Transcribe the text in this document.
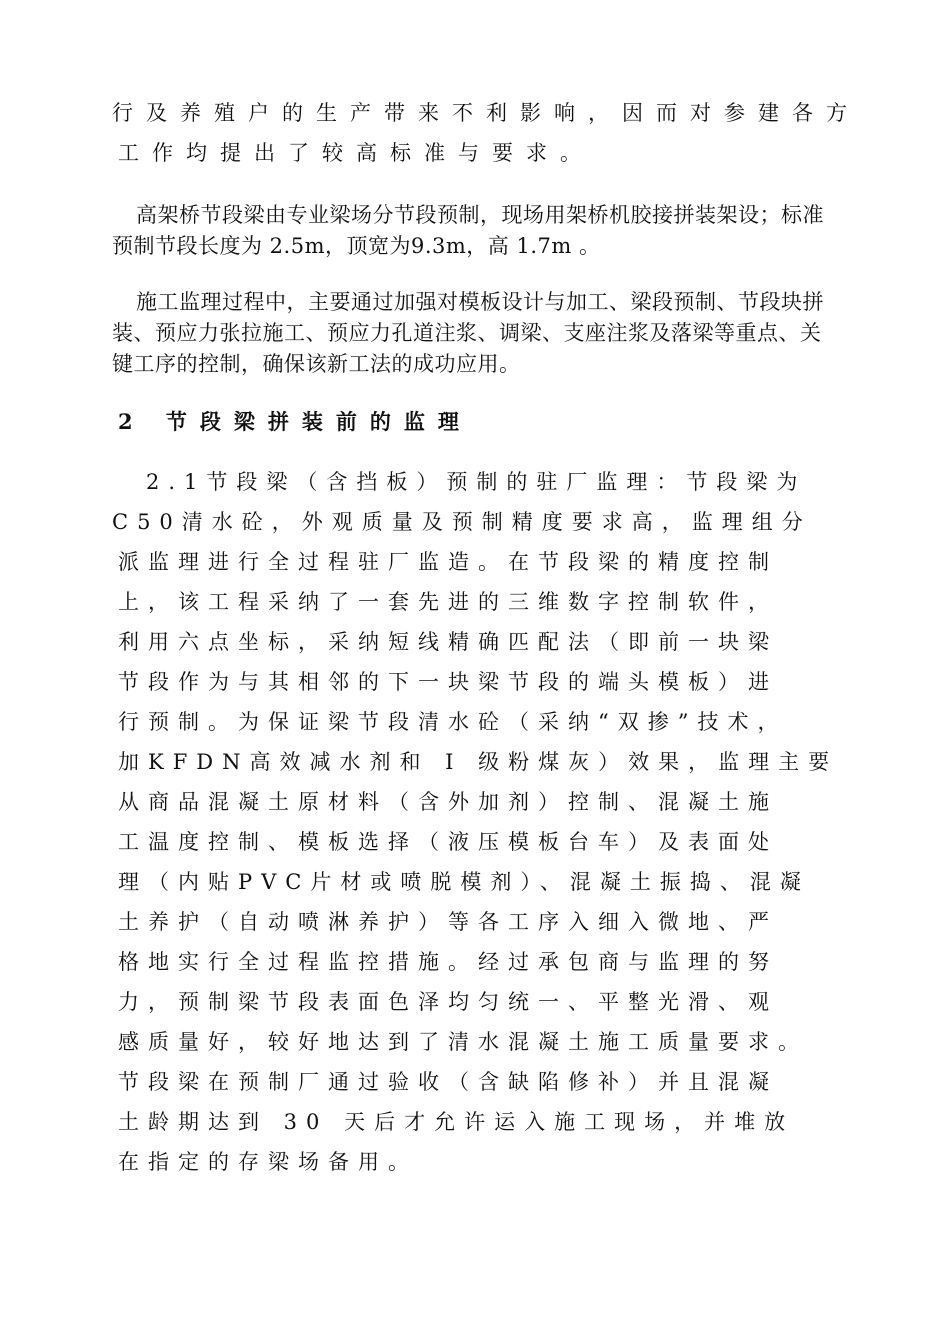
行及养殖户的生产带来不利影响，因而对参建各方
工作均提出了较高标准与要求。
高架桥节段梁由专业梁场分节段预制，现场用架桥机胶接拼装架设；标准
预制节段长度为 2.5m，顶宽为9.3m，高 1.7m 。
施工监理过程中，主要通过加强对模板设计与加工、梁段预制、节段块拼
装、预应力张拉施工、预应力孔道注浆、调梁、支座注浆及落梁等重点、关
键工序的控制，确保该新工法的成功应用。
2 节段梁拼装前的监理
2.1节段梁（含挡板）预制的驻厂监理：节段梁为
C50清水砼，外观质量及预制精度要求高，监理组分
派监理进行全过程驻厂监造。在节段梁的精度控制
上，该工程采纳了一套先进的三维数字控制软件，
利用六点坐标，采纳短线精确匹配法（即前一块梁
节段作为与其相邻的下一块梁节段的端头模板）进
行预制。为保证梁节段清水砼（采纳“双掺”技术，
加KFDN高效减水剂和 I 级粉煤灰）效果，监理主要
从商品混凝土原材料（含外加剂）控制、混凝土施
工温度控制、模板选择（液压模板台车）及表面处
理（内贴PVC片材或喷脱模剂）、混凝土振捣、混凝
土养护（自动喷淋养护）等各工序入细入微地、严
格地实行全过程监控措施。经过承包商与监理的努
力，预制梁节段表面色泽均匀统一、平整光滑、观
感质量好，较好地达到了清水混凝土施工质量要求。
节段梁在预制厂通过验收（含缺陷修补）并且混凝
土龄期达到 30 天后才允许运入施工现场，并堆放
在指定的存梁场备用。
